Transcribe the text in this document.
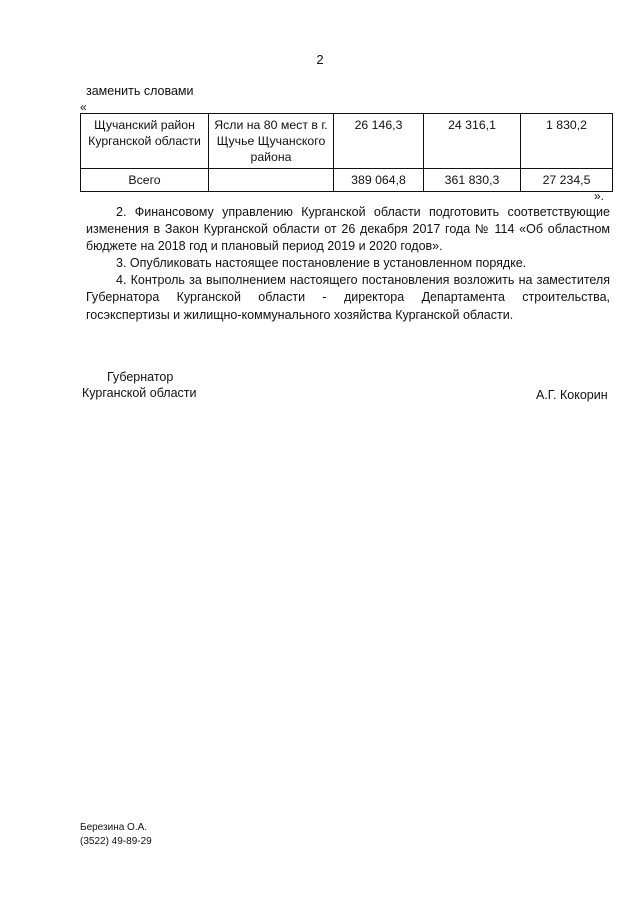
2
заменить словами
«
Щучанский район Курганской области	Ясли на 80 мест в г. Щучье Щучанского района	26 146,3	24 316,1	1 830,2
Всего		389 064,8	361 830,3	27 234,5
».

2. Финансовому управлению Курганской области подготовить соответствующие изменения в Закон Курганской области от 26 декабря 2017 года № 114 «Об областном бюджете на 2018 год и плановый период 2019 и 2020 годов».

3. Опубликовать настоящее постановление в установленном порядке.

4. Контроль за выполнением настоящего постановления возложить на заместителя Губернатора Курганской области - директора Департамента строительства, госэкспертизы и жилищно-коммунального хозяйства Курганской области.

Губернатор
Курганской области	А.Г. Кокорин
Березина О.А.
(3522) 49-89-29
